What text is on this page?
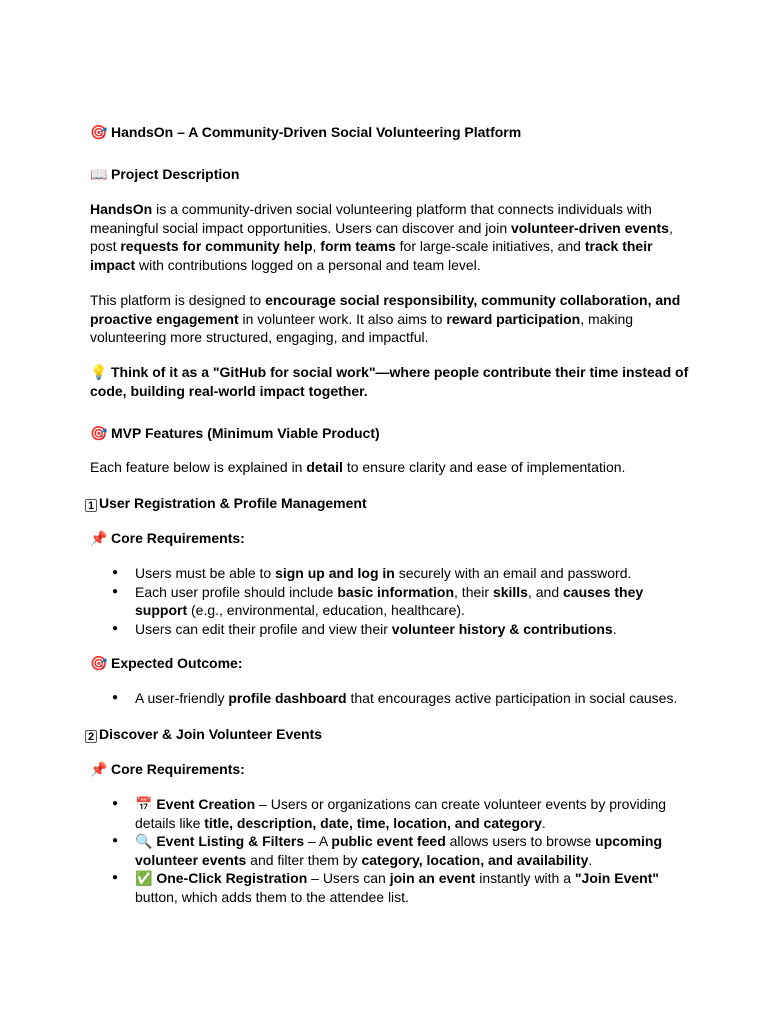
🎯 HandsOn – A Community-Driven Social Volunteering Platform

📖 Project Description

HandsOn is a community-driven social volunteering platform that connects individuals with meaningful social impact opportunities. Users can discover and join volunteer-driven events, post requests for community help, form teams for large-scale initiatives, and track their impact with contributions logged on a personal and team level.

This platform is designed to encourage social responsibility, community collaboration, and proactive engagement in volunteer work. It also aims to reward participation, making volunteering more structured, engaging, and impactful.

💡 Think of it as a "GitHub for social work"—where people contribute their time instead of code, building real-world impact together.

🎯 MVP Features (Minimum Viable Product)

Each feature below is explained in detail to ensure clarity and ease of implementation.

1 User Registration & Profile Management

📌 Core Requirements:

● Users must be able to sign up and log in securely with an email and password.
● Each user profile should include basic information, their skills, and causes they support (e.g., environmental, education, healthcare).
● Users can edit their profile and view their volunteer history & contributions.

🎯 Expected Outcome:

● A user-friendly profile dashboard that encourages active participation in social causes.

2 Discover & Join Volunteer Events

📌 Core Requirements:

● 📅 Event Creation – Users or organizations can create volunteer events by providing details like title, description, date, time, location, and category.
● 🔍 Event Listing & Filters – A public event feed allows users to browse upcoming volunteer events and filter them by category, location, and availability.
● ✅ One-Click Registration – Users can join an event instantly with a "Join Event" button, which adds them to the attendee list.
